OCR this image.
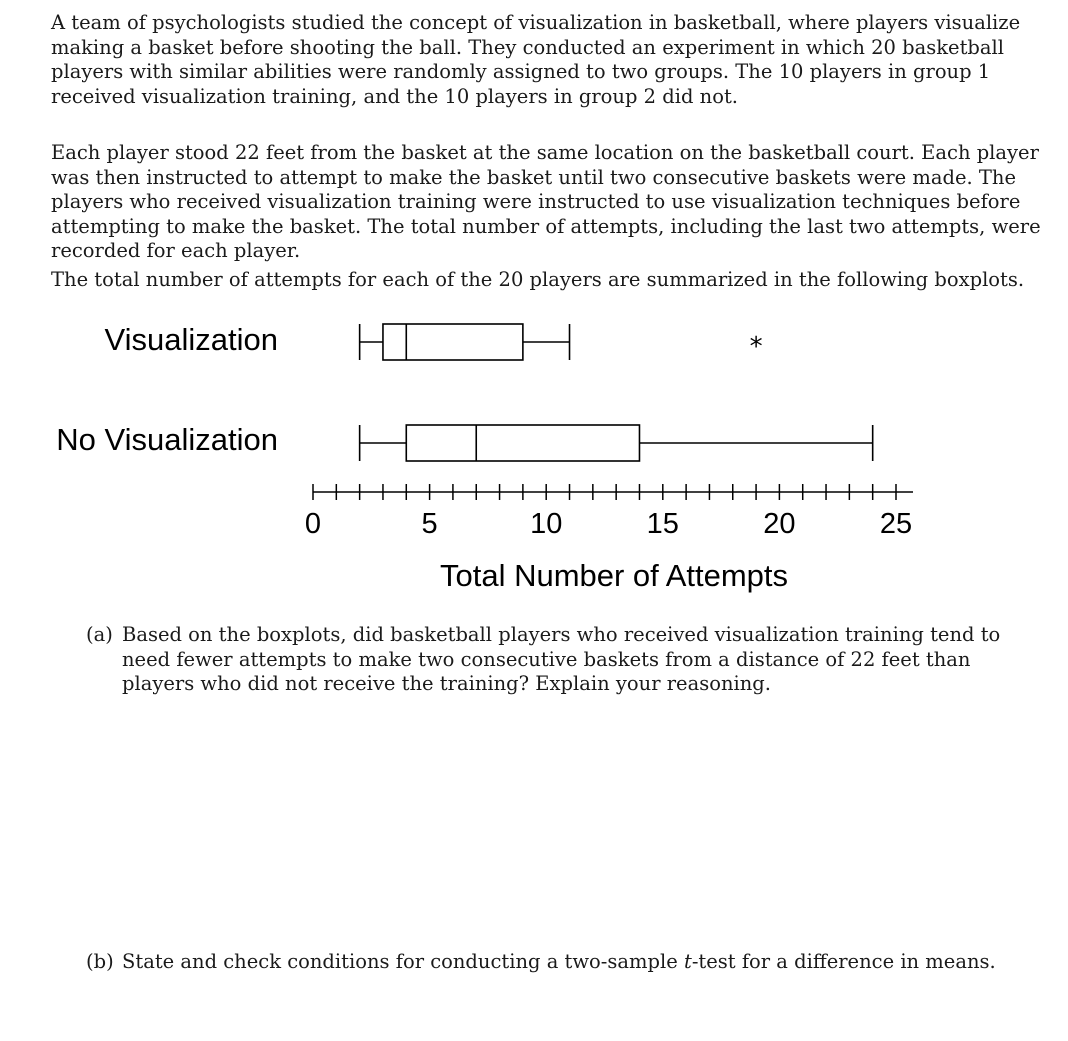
A team of psychologists studied the concept of visualization in basketball, where players visualize making a basket before shooting the ball. They conducted an experiment in which 20 basketball players with similar abilities were randomly assigned to two groups. The 10 players in group 1 received visualization training, and the 10 players in group 2 did not.

Each player stood 22 feet from the basket at the same location on the basketball court. Each player was then instructed to attempt to make the basket until two consecutive baskets were made. The players who received visualization training were instructed to use visualization techniques before attempting to make the basket. The total number of attempts, including the last two attempts, were recorded for each player.

The total number of attempts for each of the 20 players are summarized in the following boxplots.

Visualization	*
No Visualization
0	5	10	15	20	25
Total Number of Attempts
(a) Based on the boxplots, did basketball players who received visualization training tend to need fewer attempts to make two consecutive baskets from a distance of 22 feet than players who did not receive the training? Explain your reasoning.
(b) State and check conditions for conducting a two-sample t-test for a difference in means.
